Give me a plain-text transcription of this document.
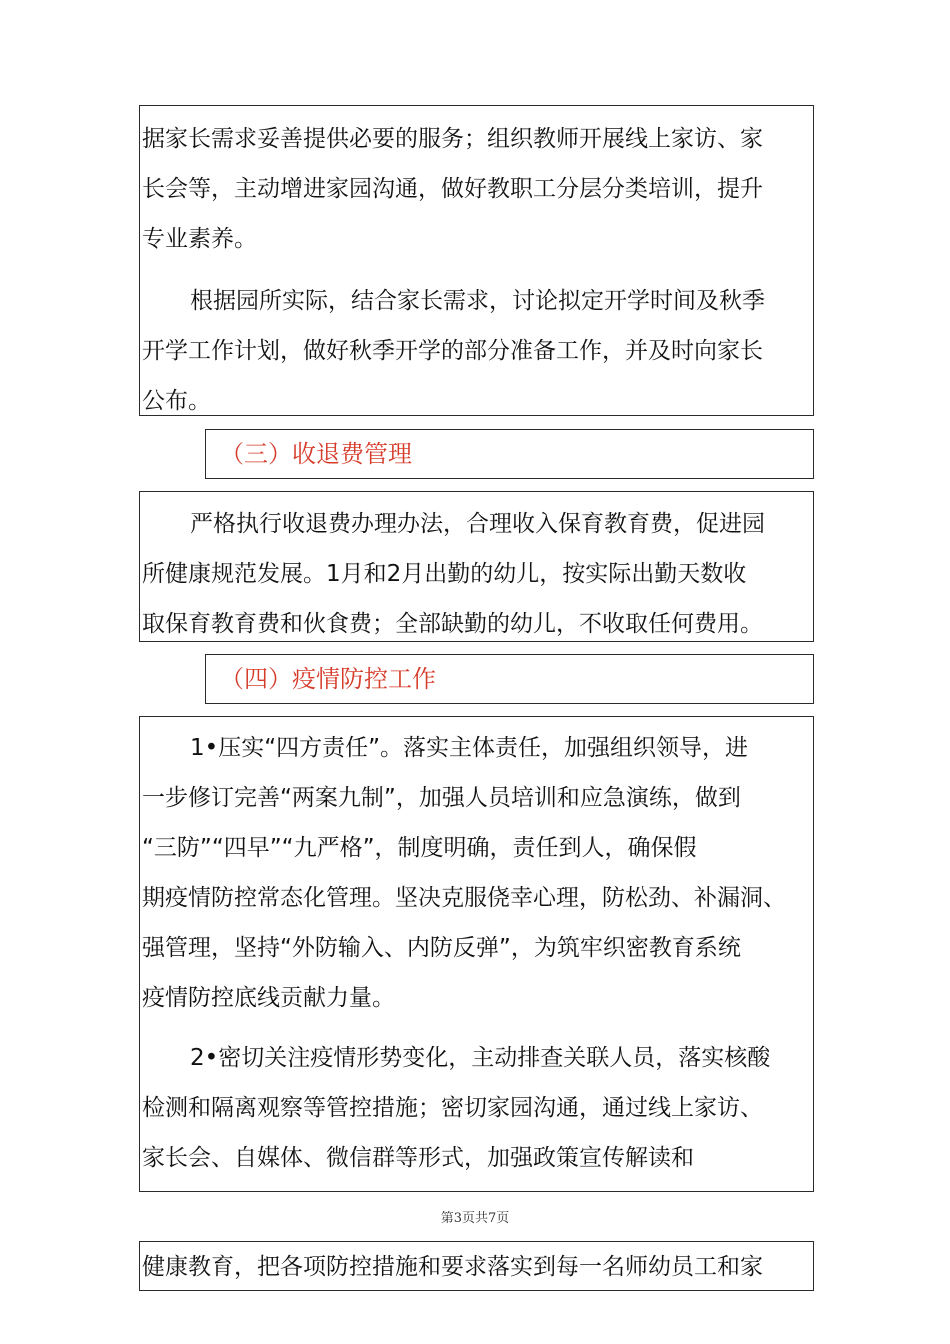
据家长需求妥善提供必要的服务；组织教师开展线上家访、家
长会等，主动增进家园沟通，做好教职工分层分类培训，提升
专业素养。
根据园所实际，结合家长需求，讨论拟定开学时间及秋季
开学工作计划，做好秋季开学的部分准备工作，并及时向家长
公布。
（三）收退费管理
严格执行收退费办理办法，合理收入保育教育费，促进园
所健康规范发展。1月和2月出勤的幼儿，按实际出勤天数收
取保育教育费和伙食费；全部缺勤的幼儿，不收取任何费用。
（四）疫情防控工作
1•压实“四方责任”。落实主体责任，加强组织领导，进
一步修订完善“两案九制”，加强人员培训和应急演练，做到
“三防”“四早”“九严格”，制度明确，责任到人，确保假
期疫情防控常态化管理。坚决克服侥幸心理，防松劲、补漏洞、
强管理，坚持“外防输入、内防反弹”，为筑牢织密教育系统
疫情防控底线贡献力量。
2•密切关注疫情形势变化，主动排查关联人员，落实核酸
检测和隔离观察等管控措施；密切家园沟通，通过线上家访、
家长会、自媒体、微信群等形式，加强政策宣传解读和
第3页共7页
健康教育，把各项防控措施和要求落实到每一名师幼员工和家
